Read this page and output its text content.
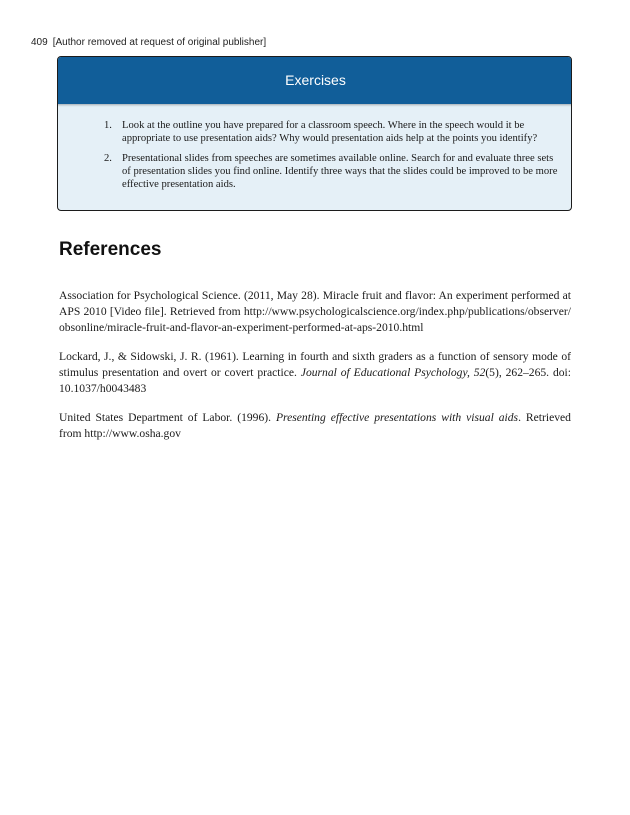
409 [Author removed at request of original publisher]
Exercises
1. Look at the outline you have prepared for a classroom speech. Where in the speech would it be appropriate to use presentation aids? Why would presentation aids help at the points you identify?
2. Presentational slides from speeches are sometimes available online. Search for and evaluate three sets of presentation slides you find online. Identify three ways that the slides could be improved to be more effective presentation aids.
References

Association for Psychological Science. (2011, May 28). Miracle fruit and flavor: An experiment performed at APS 2010 [Video file]. Retrieved from http://www.psychologicalscience.org/index.php/publications/observer/obsonline/miracle-fruit-and-flavor-an-experiment-performed-at-aps-2010.html

Lockard, J., & Sidowski, J. R. (1961). Learning in fourth and sixth graders as a function of sensory mode of stimulus presentation and overt or covert practice. Journal of Educational Psychology, 52(5), 262–265. doi: 10.1037/h0043483

United States Department of Labor. (1996). Presenting effective presentations with visual aids. Retrieved from http://www.osha.gov
